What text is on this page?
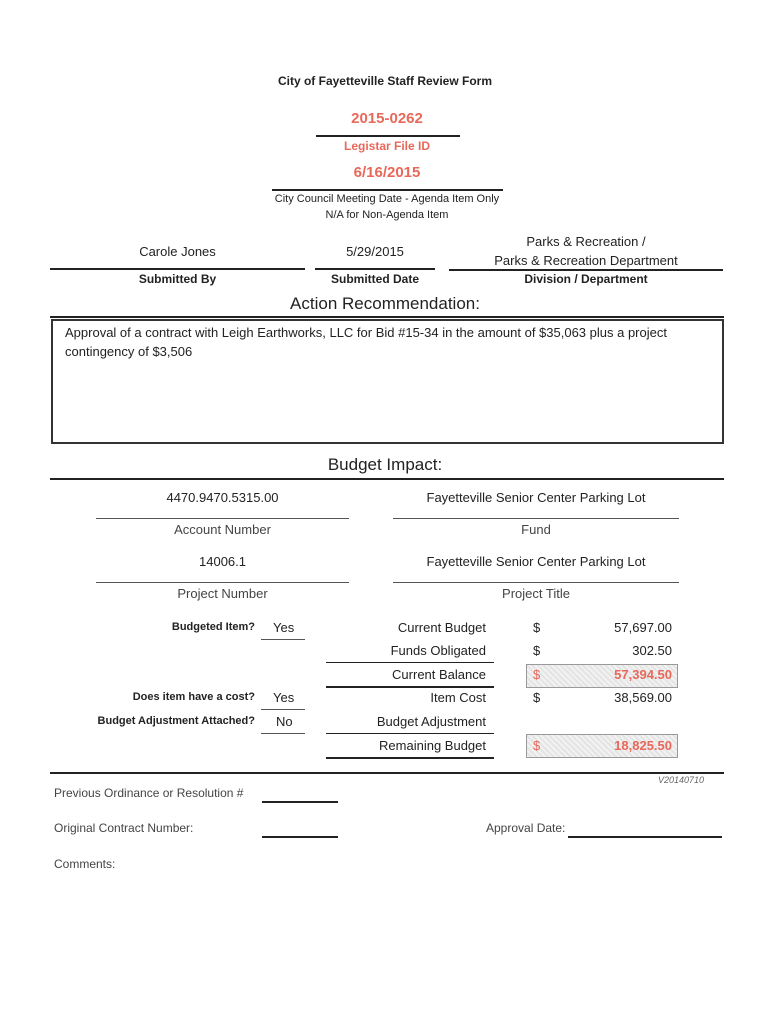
City of Fayetteville Staff Review Form
2015-0262
Legistar File ID
6/16/2015
City Council Meeting Date - Agenda Item Only
N/A for Non-Agenda Item
Carole Jones
Submitted By
5/29/2015
Submitted Date
Parks & Recreation /
Parks & Recreation Department
Division / Department
Action Recommendation:
Approval of a contract with Leigh Earthworks, LLC for Bid #15-34 in the amount of $35,063 plus a project
contingency of $3,506
Budget Impact:
4470.9470.5315.00
Account Number
Fayetteville Senior Center Parking Lot
Fund
14006.1
Project Number
Fayetteville Senior Center Parking Lot
Project Title
Budgeted Item? Yes
Does item have a cost? Yes
Budget Adjustment Attached? No
Current Budget	$	57,697.00
Funds Obligated	$	302.50
Current Balance	$	57,394.50
Item Cost	$	38,569.00
Budget Adjustment
Remaining Budget	$	18,825.50
V20140710
Previous Ordinance or Resolution #
Original Contract Number:	Approval Date:
Comments:
